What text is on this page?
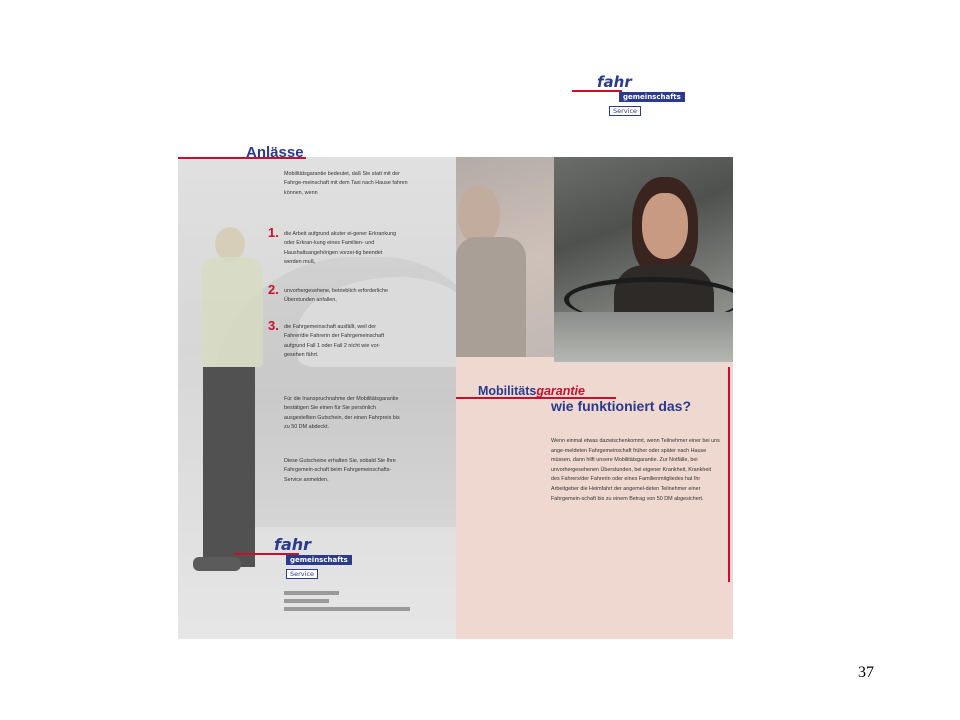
fahr
gemeinschafts
Service

Mobilitätsgarantie bedeutet, daß Sie statt mit der Fahrge-meinschaft mit dem Taxi nach Hause fahren können, wenn

1. die Arbeit aufgrund akuter ei-gener Erkrankung oder Erkran-kung eines Familien- und Haushaltsangehörigen vorzei-tig beendet werden muß,

2. unvorhergesehene, betrieblich erforderliche Überstunden anfallen,

3. die Fahrgemeinschaft ausfällt, weil der Fahrer/die Fahrerin der Fahrgemeinschaft aufgrund Fall 1 oder Fall 2 nicht wie vor-gesehen fährt.

Für die Inanspruchnahme der Mobilitätsgarantie bestätigen Sie einen für Sie persönlich ausgestellten Gutschein, der einen Fahrpreis bis zu 50 DM abdeckt.

Diese Gutscheine erhalten Sie, sobald Sie Ihre Fahrgemein-schaft beim Fahrgemeinschafts-Service anmelden.

fahr
gemeinschafts
Service
Anlässe
Mobilitätsgarantie
wie funktioniert das?

Wenn einmal etwas dazwischenkommt, wenn Teilnehmer einer bei uns ange-meldeten Fahrgemeinschaft früher oder später nach Hause müssen, dann hilft unsere Mobilitätsgarantie. Zur Notfälle, bei unvorhergesehenen Überstunden, bei eigener Krankheit, Krankheit des Fahrers/der Fahrerin oder eines Familienmitgliedes hat Ihr Arbeitgeber die Heimfahrt der angemel-deten Teilnehmer einer Fahrgemein-schaft bis zu einem Betrag von 50 DM abgesichert.

37
